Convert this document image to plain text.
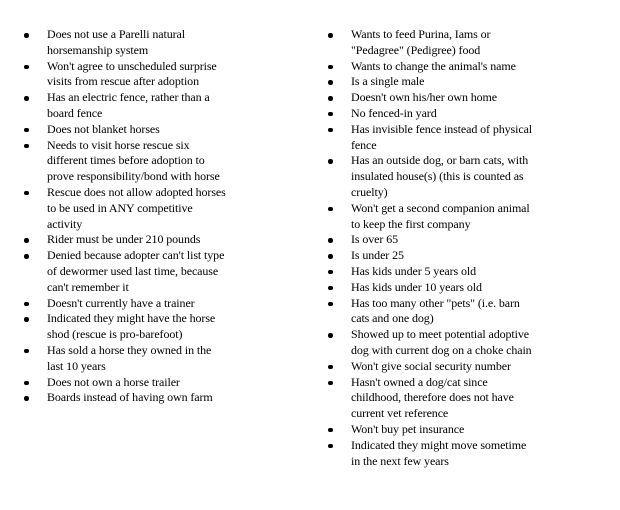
Does not use a Parelli natural
horsemanship system
Won't agree to unscheduled surprise
visits from rescue after adoption
Has an electric fence, rather than a
board fence
Does not blanket horses
Needs to visit horse rescue six
different times before adoption to
prove responsibility/bond with horse
Rescue does not allow adopted horses
to be used in ANY competitive
activity
Rider must be under 210 pounds
Denied because adopter can't list type
of dewormer used last time, because
can't remember it
Doesn't currently have a trainer
Indicated they might have the horse
shod (rescue is pro-barefoot)
Has sold a horse they owned in the
last 10 years
Does not own a horse trailer
Boards instead of having own farm
Wants to feed Purina, Iams or
"Pedagree" (Pedigree) food
Wants to change the animal's name
Is a single male
Doesn't own his/her own home
No fenced-in yard
Has invisible fence instead of physical
fence
Has an outside dog, or barn cats, with
insulated house(s) (this is counted as
cruelty)
Won't get a second companion animal
to keep the first company
Is over 65
Is under 25
Has kids under 5 years old
Has kids under 10 years old
Has too many other "pets" (i.e. barn
cats and one dog)
Showed up to meet potential adoptive
dog with current dog on a choke chain
Won't give social security number
Hasn't owned a dog/cat since
childhood, therefore does not have
current vet reference
Won't buy pet insurance
Indicated they might move sometime
in the next few years
